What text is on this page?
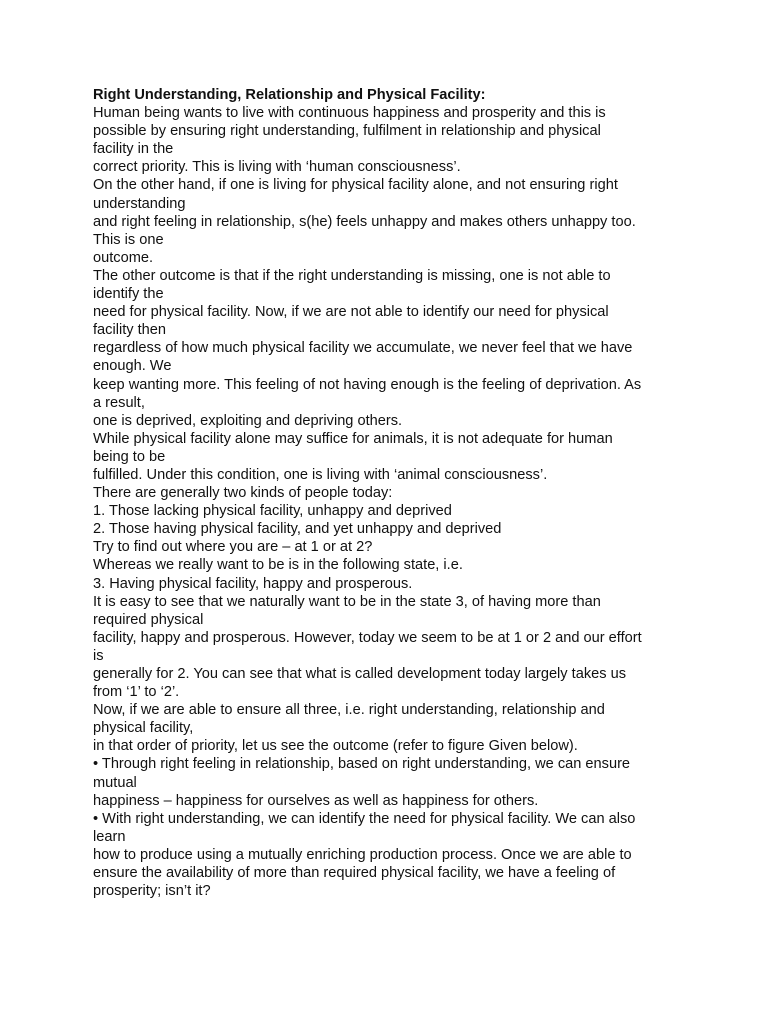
Right Understanding, Relationship and Physical Facility:
Human being wants to live with continuous happiness and prosperity and this is
possible by ensuring right understanding, fulfilment in relationship and physical
facility in the
correct priority. This is living with ‘human consciousness’.
On the other hand, if one is living for physical facility alone, and not ensuring right
understanding
and right feeling in relationship, s(he) feels unhappy and makes others unhappy too.
This is one
outcome.
The other outcome is that if the right understanding is missing, one is not able to
identify the
need for physical facility. Now, if we are not able to identify our need for physical
facility then
regardless of how much physical facility we accumulate, we never feel that we have
enough. We
keep wanting more. This feeling of not having enough is the feeling of deprivation. As
a result,
one is deprived, exploiting and depriving others.
While physical facility alone may suffice for animals, it is not adequate for human
being to be
fulfilled. Under this condition, one is living with ‘animal consciousness’.
There are generally two kinds of people today:
1. Those lacking physical facility, unhappy and deprived
2. Those having physical facility, and yet unhappy and deprived
Try to find out where you are – at 1 or at 2?
Whereas we really want to be is in the following state, i.e.
3. Having physical facility, happy and prosperous.
It is easy to see that we naturally want to be in the state 3, of having more than
required physical
facility, happy and prosperous. However, today we seem to be at 1 or 2 and our effort
is
generally for 2. You can see that what is called development today largely takes us
from ‘1’ to ‘2’.
Now, if we are able to ensure all three, i.e. right understanding, relationship and
physical facility,
in that order of priority, let us see the outcome (refer to figure Given below).
• Through right feeling in relationship, based on right understanding, we can ensure
mutual
happiness – happiness for ourselves as well as happiness for others.
• With right understanding, we can identify the need for physical facility. We can also
learn
how to produce using a mutually enriching production process. Once we are able to
ensure the availability of more than required physical facility, we have a feeling of
prosperity; isn’t it?
